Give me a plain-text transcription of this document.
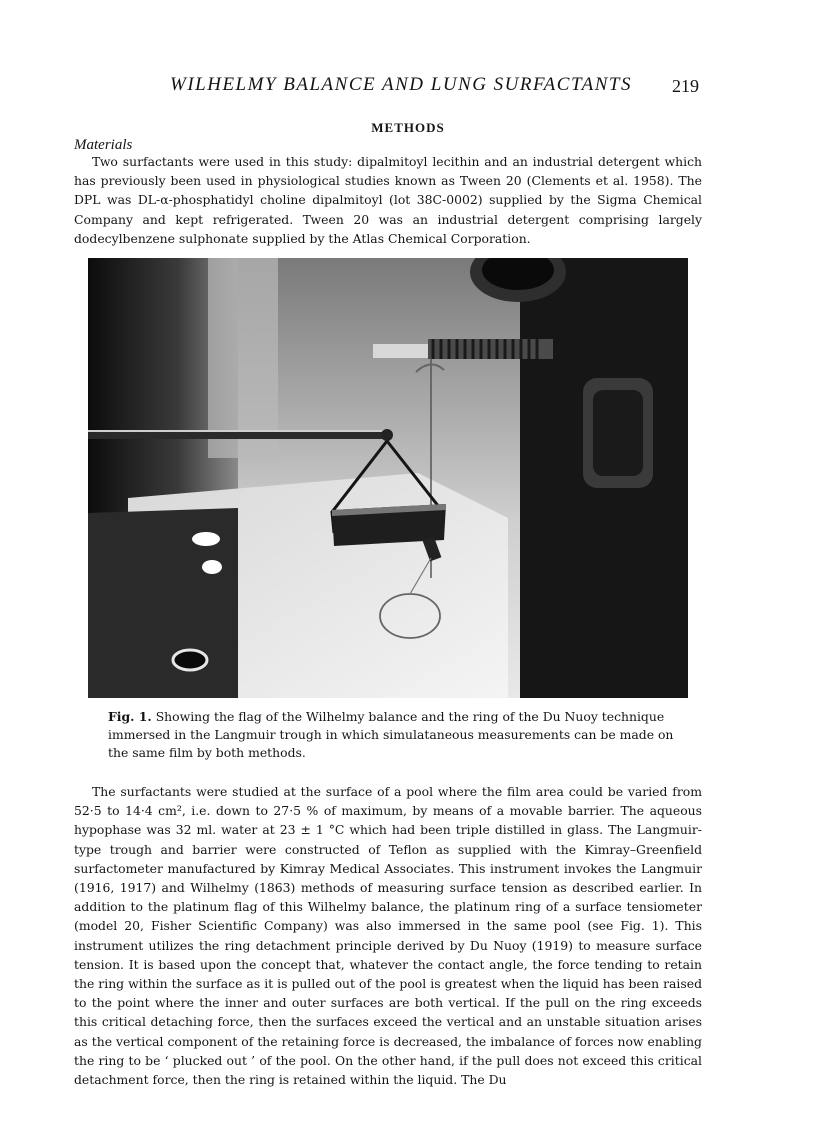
WILHELMY BALANCE AND LUNG SURFACTANTS 219
METHODS
Materials

Two surfactants were used in this study: dipalmitoyl lecithin and an industrial detergent which has previously been used in physiological studies known as Tween 20 (Clements et al. 1958). The DPL was DL-α-phosphatidyl choline dipalmitoyl (lot 38C-0002) supplied by the Sigma Chemical Company and kept refrigerated. Tween 20 was an industrial detergent comprising largely dodecylbenzene sulphonate supplied by the Atlas Chemical Corporation.

Fig. 1. Showing the flag of the Wilhelmy balance and the ring of the Du Nuoy technique immersed in the Langmuir trough in which simulataneous measurements can be made on the same film by both methods.

The surfactants were studied at the surface of a pool where the film area could be varied from 52·5 to 14·4 cm², i.e. down to 27·5 % of maximum, by means of a movable barrier. The aqueous hypophase was 32 ml. water at 23 ± 1 °C which had been triple distilled in glass. The Langmuir-type trough and barrier were constructed of Teflon as supplied with the Kimray–Greenfield surfactometer manufactured by Kimray Medical Associates. This instrument invokes the Langmuir (1916, 1917) and Wilhelmy (1863) methods of measuring surface tension as described earlier. In addition to the platinum flag of this Wilhelmy balance, the platinum ring of a surface tensiometer (model 20, Fisher Scientific Company) was also immersed in the same pool (see Fig. 1). This instrument utilizes the ring detachment principle derived by Du Nuoy (1919) to measure surface tension. It is based upon the concept that, whatever the contact angle, the force tending to retain the ring within the surface as it is pulled out of the pool is greatest when the liquid has been raised to the point where the inner and outer surfaces are both vertical. If the pull on the ring exceeds this critical detaching force, then the surfaces exceed the vertical and an unstable situation arises as the vertical component of the retaining force is decreased, the imbalance of forces now enabling the ring to be ‘ plucked out ’ of the pool. On the other hand, if the pull does not exceed this critical detachment force, then the ring is retained within the liquid. The Du
